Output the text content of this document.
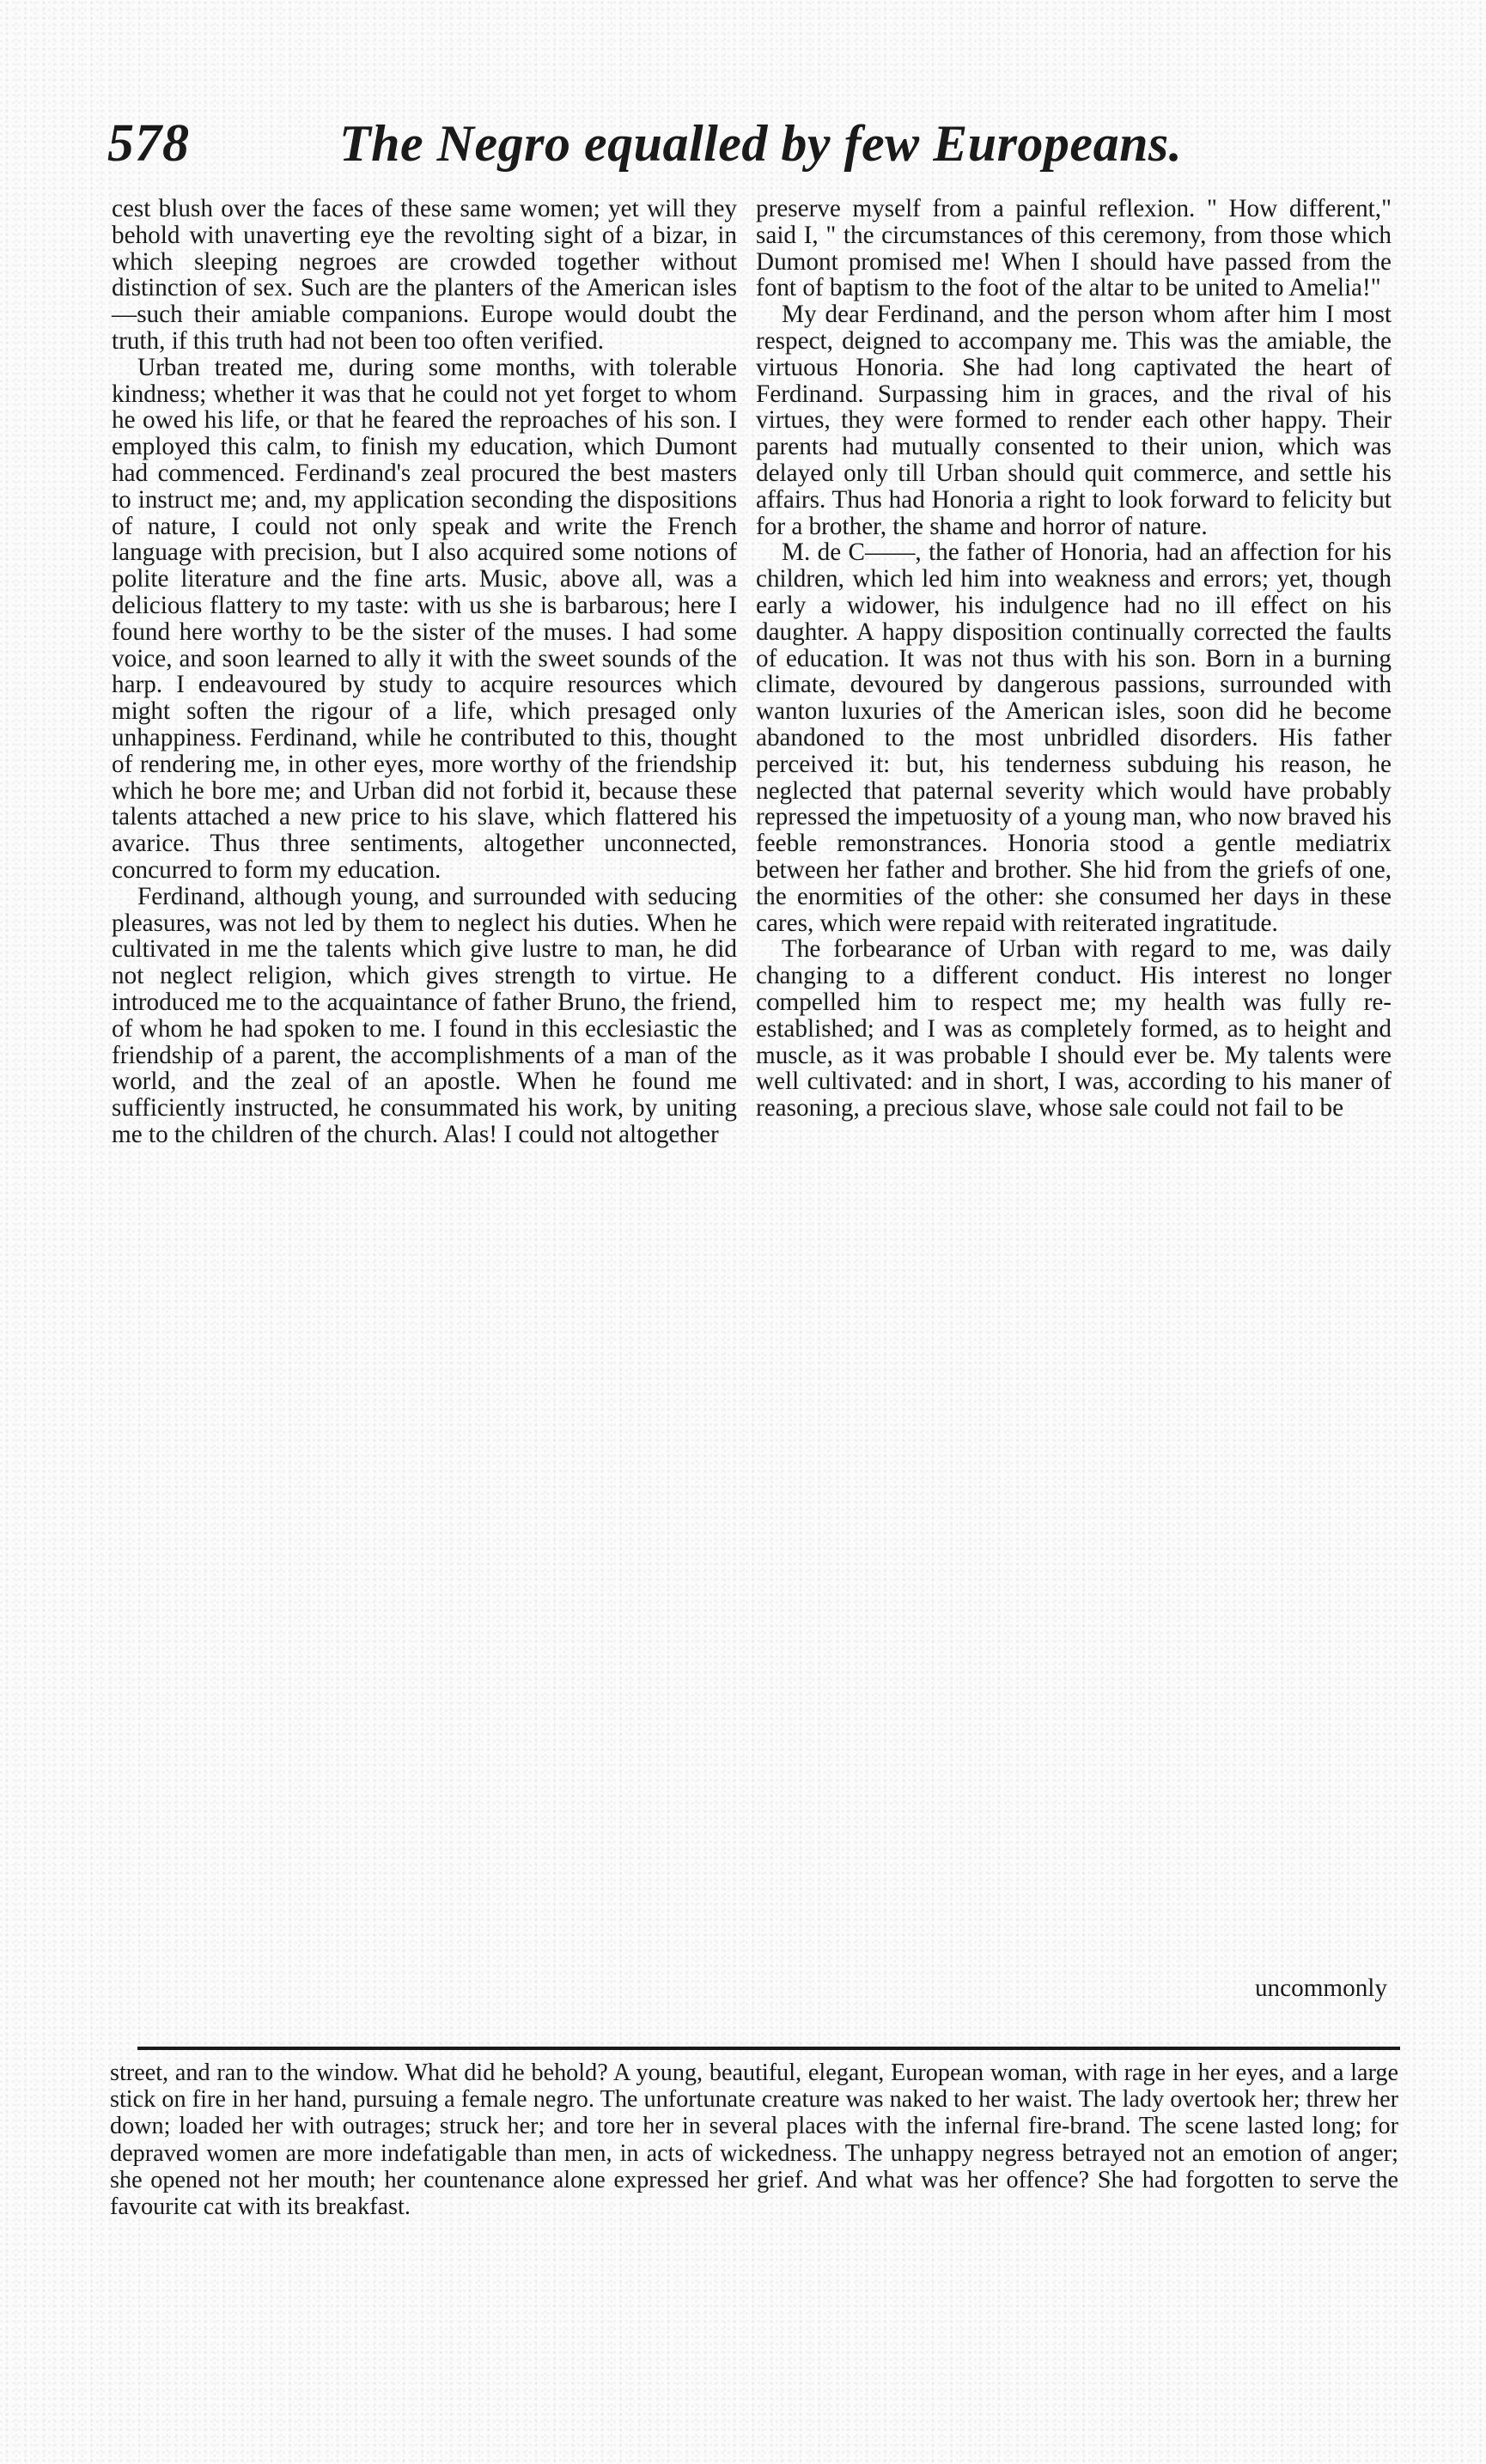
578	The Negro equalled by few Europeans.

cest blush over the faces of these same women; yet will they behold with unaverting eye the revolting sight of a bizar, in which sleeping negroes are crowded together without distinction of sex. Such are the planters of the American isles—such their amiable companions. Europe would doubt the truth, if this truth had not been too often verified.

Urban treated me, during some months, with tolerable kindness; whether it was that he could not yet forget to whom he owed his life, or that he feared the reproaches of his son. I employed this calm, to finish my education, which Dumont had commenced. Ferdinand's zeal procured the best masters to instruct me; and, my application seconding the dispositions of nature, I could not only speak and write the French language with precision, but I also acquired some notions of polite literature and the fine arts. Music, above all, was a delicious flattery to my taste: with us she is barbarous; here I found here worthy to be the sister of the muses. I had some voice, and soon learned to ally it with the sweet sounds of the harp. I endeavoured by study to acquire resources which might soften the rigour of a life, which presaged only unhappiness. Ferdinand, while he contributed to this, thought of rendering me, in other eyes, more worthy of the friendship which he bore me; and Urban did not forbid it, because these talents attached a new price to his slave, which flattered his avarice. Thus three sentiments, altogether unconnected, concurred to form my education.

Ferdinand, although young, and surrounded with seducing pleasures, was not led by them to neglect his duties. When he cultivated in me the talents which give lustre to man, he did not neglect religion, which gives strength to virtue. He introduced me to the acquaintance of father Bruno, the friend, of whom he had spoken to me. I found in this ecclesiastic the friendship of a parent, the accomplishments of a man of the world, and the zeal of an apostle. When he found me sufficiently instructed, he consummated his work, by uniting me to the children of the church. Alas! I could not altogether

preserve myself from a painful reflexion. " How different," said I, " the circumstances of this ceremony, from those which Dumont promised me! When I should have passed from the font of baptism to the foot of the altar to be united to Amelia!"

My dear Ferdinand, and the person whom after him I most respect, deigned to accompany me. This was the amiable, the virtuous Honoria. She had long captivated the heart of Ferdinand. Surpassing him in graces, and the rival of his virtues, they were formed to render each other happy. Their parents had mutually consented to their union, which was delayed only till Urban should quit commerce, and settle his affairs. Thus had Honoria a right to look forward to felicity but for a brother, the shame and horror of nature.

M. de C——, the father of Honoria, had an affection for his children, which led him into weakness and errors; yet, though early a widower, his indulgence had no ill effect on his daughter. A happy disposition continually corrected the faults of education. It was not thus with his son. Born in a burning climate, devoured by dangerous passions, surrounded with wanton luxuries of the American isles, soon did he become abandoned to the most unbridled disorders. His father perceived it: but, his tenderness subduing his reason, he neglected that paternal severity which would have probably repressed the impetuosity of a young man, who now braved his feeble remonstrances. Honoria stood a gentle mediatrix between her father and brother. She hid from the griefs of one, the enormities of the other: she consumed her days in these cares, which were repaid with reiterated ingratitude.

The forbearance of Urban with regard to me, was daily changing to a different conduct. His interest no longer compelled him to respect me; my health was fully re-established; and I was as completely formed, as to height and muscle, as it was probable I should ever be. My talents were well cultivated: and in short, I was, according to his maner of reasoning, a precious slave, whose sale could not fail to be

uncommonly

street, and ran to the window. What did he behold? A young, beautiful, elegant, European woman, with rage in her eyes, and a large stick on fire in her hand, pursuing a female negro. The unfortunate creature was naked to her waist. The lady overtook her; threw her down; loaded her with outrages; struck her; and tore her in several places with the infernal fire-brand. The scene lasted long; for depraved women are more indefatigable than men, in acts of wickedness. The unhappy negress betrayed not an emotion of anger; she opened not her mouth; her countenance alone expressed her grief. And what was her offence? She had forgotten to serve the favourite cat with its breakfast.
